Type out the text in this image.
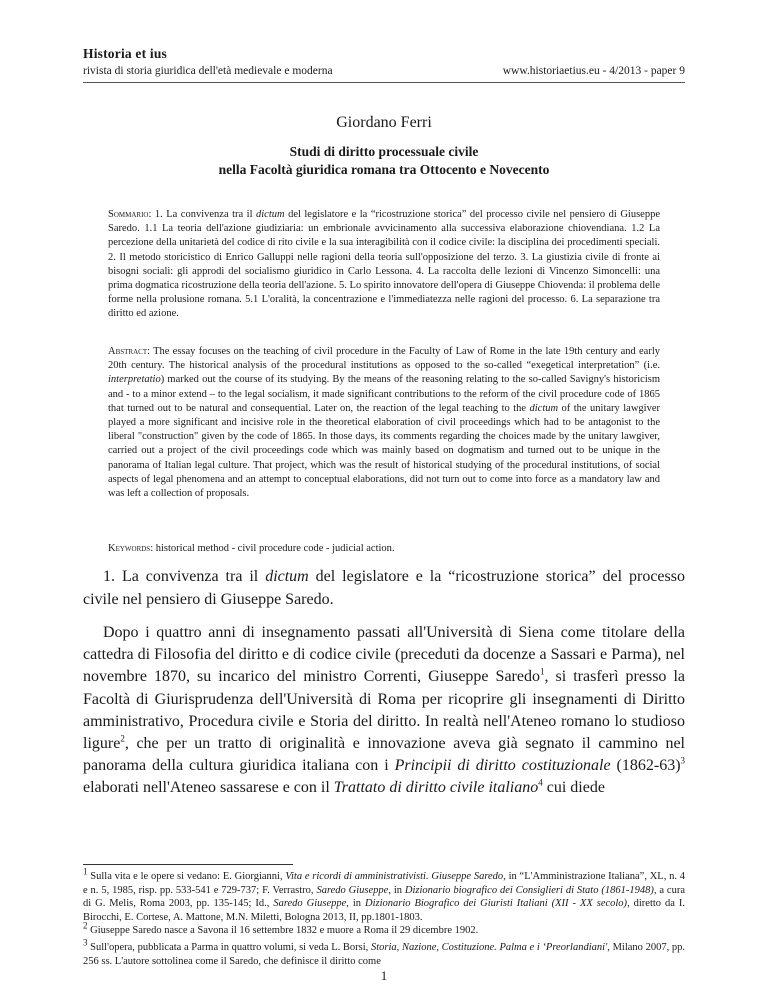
Historia et ius
rivista di storia giuridica dell'età medievale e moderna	www.historiaetius.eu - 4/2013 - paper 9
Giordano Ferri
Studi di diritto processuale civile
nella Facoltà giuridica romana tra Ottocento e Novecento
Sommario: 1. La convivenza tra il dictum del legislatore e la “ricostruzione storica” del processo civile nel pensiero di Giuseppe Saredo. 1.1 La teoria dell'azione giudiziaria: un embrionale avvicinamento alla successiva elaborazione chiovendiana. 1.2 La percezione della unitarietà del codice di rito civile e la sua interagibilità con il codice civile: la disciplina dei procedimenti speciali. 2. Il metodo storicistico di Enrico Galluppi nelle ragioni della teoria sull'opposizione del terzo. 3. La giustizia civile di fronte ai bisogni sociali: gli approdi del socialismo giuridico in Carlo Lessona. 4. La raccolta delle lezioni di Vincenzo Simoncelli: una prima dogmatica ricostruzione della teoria dell'azione. 5. Lo spirito innovatore dell'opera di Giuseppe Chiovenda: il problema delle forme nella prolusione romana. 5.1 L'oralità, la concentrazione e l'immediatezza nelle ragioni del processo. 6. La separazione tra diritto ed azione.
Abstract: The essay focuses on the teaching of civil procedure in the Faculty of Law of Rome in the late 19th century and early 20th century. The historical analysis of the procedural institutions as opposed to the so-called “exegetical interpretation” (i.e. interpretatio) marked out the course of its studying. By the means of the reasoning relating to the so-called Savigny's historicism and - to a minor extend – to the legal socialism, it made significant contributions to the reform of the civil procedure code of 1865 that turned out to be natural and consequential. Later on, the reaction of the legal teaching to the dictum of the unitary lawgiver played a more significant and incisive role in the theoretical elaboration of civil proceedings which had to be antagonist to the liberal "construction" given by the code of 1865. In those days, its comments regarding the choices made by the unitary lawgiver, carried out a project of the civil proceedings code which was mainly based on dogmatism and turned out to be unique in the panorama of Italian legal culture. That project, which was the result of historical studying of the procedural institutions, of social aspects of legal phenomena and an attempt to conceptual elaborations, did not turn out to come into force as a mandatory law and was left a collection of proposals.
Keywords: historical method - civil procedure code - judicial action.
1. La convivenza tra il dictum del legislatore e la “ricostruzione storica” del processo civile nel pensiero di Giuseppe Saredo.
Dopo i quattro anni di insegnamento passati all'Università di Siena come titolare della cattedra di Filosofia del diritto e di codice civile (preceduti da docenze a Sassari e Parma), nel novembre 1870, su incarico del ministro Correnti, Giuseppe Saredo$^1$, si trasferì presso la Facoltà di Giurisprudenza dell'Università di Roma per ricoprire gli insegnamenti di Diritto amministrativo, Procedura civile e Storia del diritto. In realtà nell'Ateneo romano lo studioso ligure$^2$, che per un tratto di originalità e innovazione aveva già segnato il cammino nel panorama della cultura giuridica italiana con i Principii di diritto costituzionale (1862-63)$^3$ elaborati nell'Ateneo sassarese e con il Trattato di diritto civile italiano$^4$ cui diede
$^1$ Sulla vita e le opere si vedano: E. Giorgianni, Vita e ricordi di amministrativisti. Giuseppe Saredo, in “L'Amministrazione Italiana”, XL, n. 4 e n. 5, 1985, risp. pp. 533-541 e 729-737; F. Verrastro, Saredo Giuseppe, in Dizionario biografico dei Consiglieri di Stato (1861-1948), a cura di G. Melis, Roma 2003, pp. 135-145; Id., Saredo Giuseppe, in Dizionario Biografico dei Giuristi Italiani (XII - XX secolo), diretto da I. Birocchi, E. Cortese, A. Mattone, M.N. Miletti, Bologna 2013, II, pp.1801-1803.
$^2$ Giuseppe Saredo nasce a Savona il 16 settembre 1832 e muore a Roma il 29 dicembre 1902.
$^3$ Sull'opera, pubblicata a Parma in quattro volumi, si veda L. Borsi, Storia, Nazione, Costituzione. Palma e i ‘Preorlandiani', Milano 2007, pp. 256 ss. L'autore sottolinea come il Saredo, che definisce il diritto come
1
